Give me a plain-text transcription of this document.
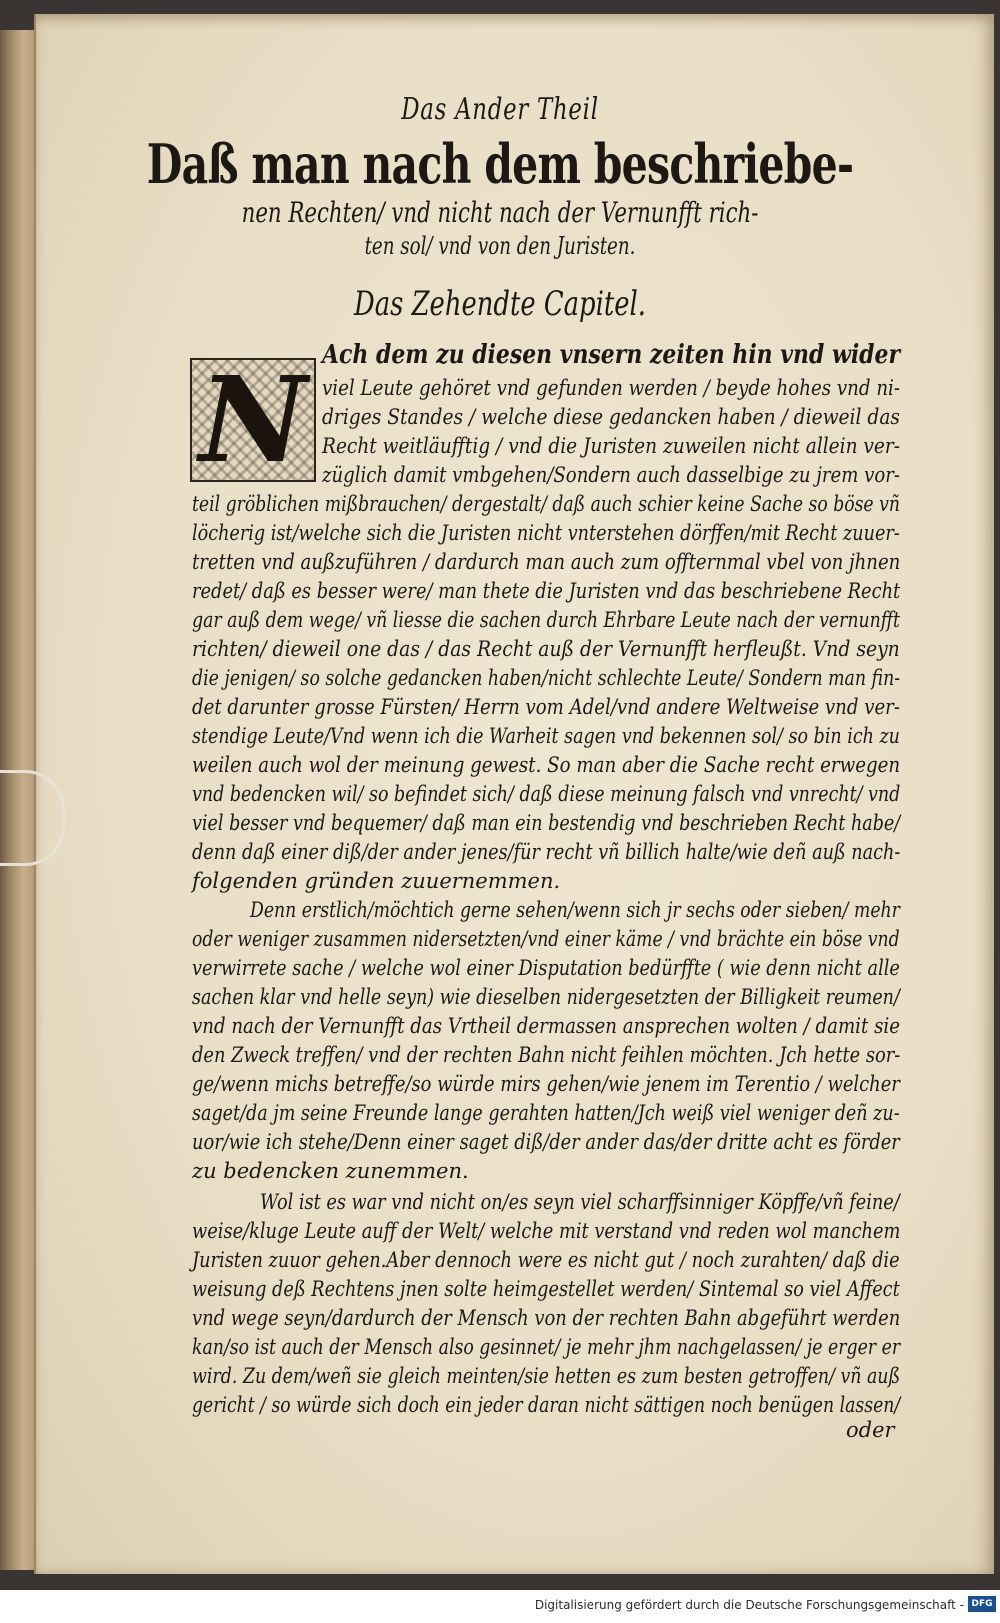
Das Ander Theil
Daß man nach dem beschriebe-
nen Rechten/ vnd nicht nach der Vernunfft rich-
ten sol/ vnd von den Juristen.
Das Zehendte Capitel.
N Ach dem zu diesen vnsern zeiten hin vnd wider
viel Leute gehöret vnd gefunden werden / beyde hohes vnd ni-
driges Standes / welche diese gedancken haben / dieweil das
Recht weitläufftig / vnd die Juristen zuweilen nicht allein ver-
züglich damit vmbgehen/Sondern auch dasselbige zu jrem vor-
teil gröblichen mißbrauchen/ dergestalt/ daß auch schier keine Sache so böse vñ
löcherig ist/welche sich die Juristen nicht vnterstehen dörffen/mit Recht zuuer-
tretten vnd außzuführen / dardurch man auch zum offternmal vbel von jhnen
redet/ daß es besser were/ man thete die Juristen vnd das beschriebene Recht
gar auß dem wege/ vñ liesse die sachen durch Ehrbare Leute nach der vernunfft
richten/ dieweil one das / das Recht auß der Vernunfft herfleußt. Vnd seyn
die jenigen/ so solche gedancken haben/nicht schlechte Leute/ Sondern man fin-
det darunter grosse Fürsten/ Herrn vom Adel/vnd andere Weltweise vnd ver-
stendige Leute/Vnd wenn ich die Warheit sagen vnd bekennen sol/ so bin ich zu
weilen auch wol der meinung gewest. So man aber die Sache recht erwegen
vnd bedencken wil/ so befindet sich/ daß diese meinung falsch vnd vnrecht/ vnd
viel besser vnd bequemer/ daß man ein bestendig vnd beschrieben Recht habe/
denn daß einer diß/der ander jenes/für recht vñ billich halte/wie deñ auß nach-
folgenden gründen zuuernemmen.
Denn erstlich/möchtich gerne sehen/wenn sich jr sechs oder sieben/ mehr
oder weniger zusammen nidersetzten/vnd einer käme / vnd brächte ein böse vnd
verwirrete sache / welche wol einer Disputation bedürffte ( wie denn nicht alle
sachen klar vnd helle seyn) wie dieselben nidergesetzten der Billigkeit reumen/
vnd nach der Vernunfft das Vrtheil dermassen ansprechen wolten / damit sie
den Zweck treffen/ vnd der rechten Bahn nicht feihlen möchten. Jch hette sor-
ge/wenn michs betreffe/so würde mirs gehen/wie jenem im Terentio / welcher
saget/da jm seine Freunde lange gerahten hatten/Jch weiß viel weniger deñ zu-
uor/wie ich stehe/Denn einer saget diß/der ander das/der dritte acht es förder
zu bedencken zunemmen.
Wol ist es war vnd nicht on/es seyn viel scharffsinniger Köpffe/vñ feine/
weise/kluge Leute auff der Welt/ welche mit verstand vnd reden wol manchem
Juristen zuuor gehen.Aber dennoch were es nicht gut / noch zurahten/ daß die
weisung deß Rechtens jnen solte heimgestellet werden/ Sintemal so viel Affect
vnd wege seyn/dardurch der Mensch von der rechten Bahn abgeführt werden
kan/so ist auch der Mensch also gesinnet/ je mehr jhm nachgelassen/ je erger er
wird. Zu dem/weñ sie gleich meinten/sie hetten es zum besten getroffen/ vñ auß
gericht / so würde sich doch ein jeder daran nicht sättigen noch benügen lassen/
oder
Digitalisierung gefördert durch die Deutsche Forschungsgemeinschaft - DFG
